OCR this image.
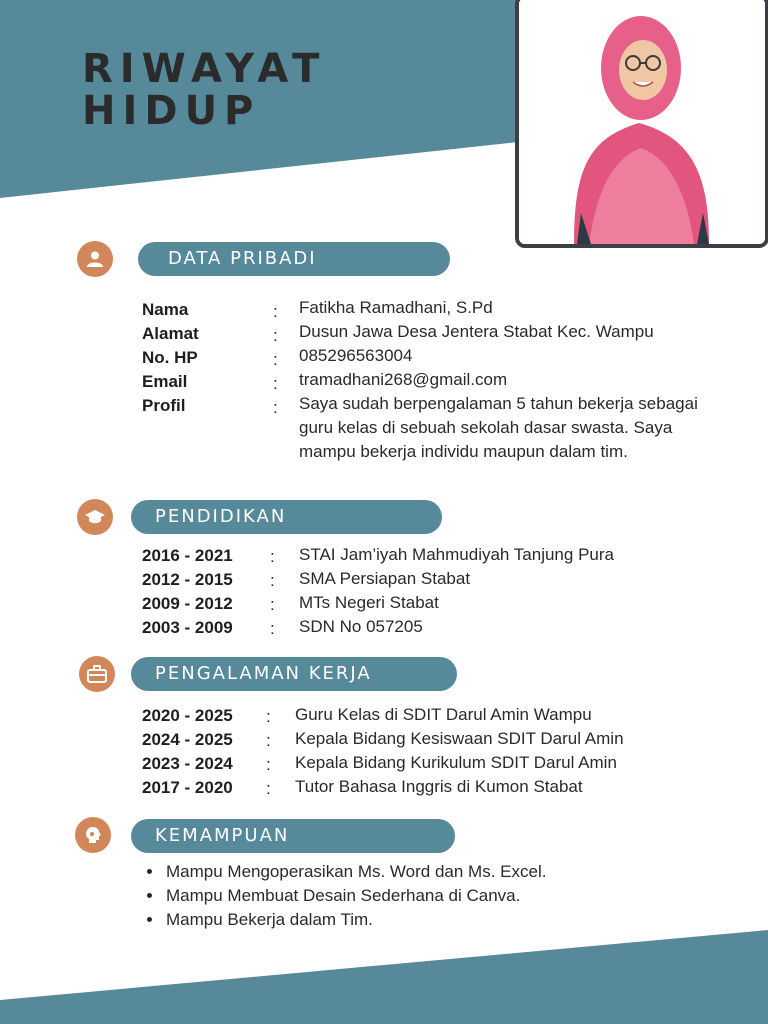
RIWAYAT
HIDUP
DATA PRIBADI
Nama	: Fatikha Ramadhani, S.Pd
Alamat	: Dusun Jawa Desa Jentera Stabat Kec. Wampu
No. HP	: 085296563004
Email	: tramadhani268@gmail.com
Profil	: Saya sudah berpengalaman 5 tahun bekerja sebagai guru kelas di sebuah sekolah dasar swasta. Saya mampu bekerja individu maupun dalam tim.
PENDIDIKAN
2016 - 2021 : STAI Jam’iyah Mahmudiyah Tanjung Pura
2012 - 2015 : SMA Persiapan Stabat
2009 - 2012 : MTs Negeri Stabat
2003 - 2009 : SDN No 057205
PENGALAMAN KERJA
2020 - 2025 : Guru Kelas di SDIT Darul Amin Wampu
2024 - 2025 : Kepala Bidang Kesiswaan SDIT Darul Amin
2023 - 2024 : Kepala Bidang Kurikulum SDIT Darul Amin
2017 - 2020 : Tutor Bahasa Inggris di Kumon Stabat
KEMAMPUAN
• Mampu Mengoperasikan Ms. Word dan Ms. Excel.
• Mampu Membuat Desain Sederhana di Canva.
• Mampu Bekerja dalam Tim.
